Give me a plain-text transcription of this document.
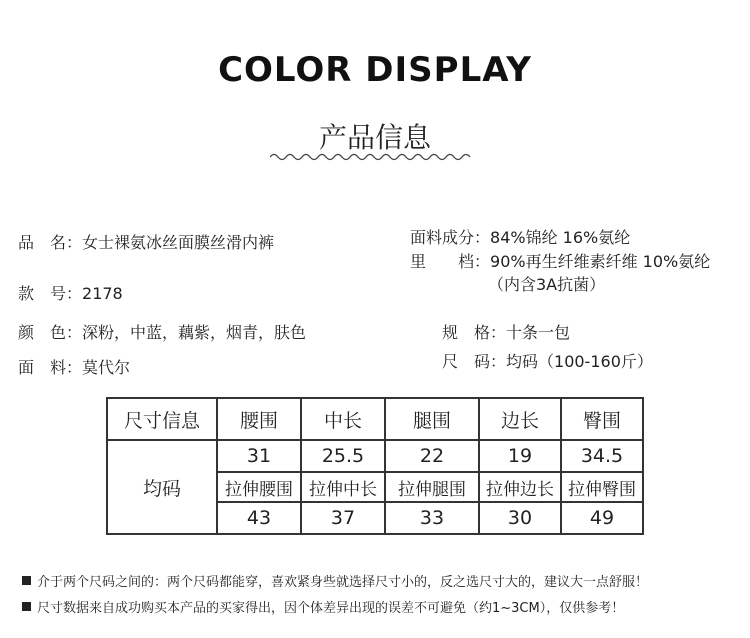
COLOR DISPLAY
产品信息
品　名：女士裸氨冰丝面膜丝滑内裤
款　号：2178
颜　色：深粉，中蓝，藕紫，烟青，肤色
面　料：莫代尔
面料成分：84%锦纶 16%氨纶
里　　档：90%再生纤维素纤维 10%氨纶
（内含3A抗菌）
规　格：十条一包
尺　码：均码（100-160斤）
尺寸信息	腰围	中长	腿围	边长	臀围
均码	31	25.5	22	19	34.5
	拉伸腰围	拉伸中长	拉伸腿围	拉伸边长	拉伸臀围
	43	37	33	30	49
介于两个尺码之间的：两个尺码都能穿，喜欢紧身些就选择尺寸小的，反之选尺寸大的，建议大一点舒服！
尺寸数据来自成功购买本产品的买家得出，因个体差异出现的误差不可避免（约1~3CM），仅供参考！
